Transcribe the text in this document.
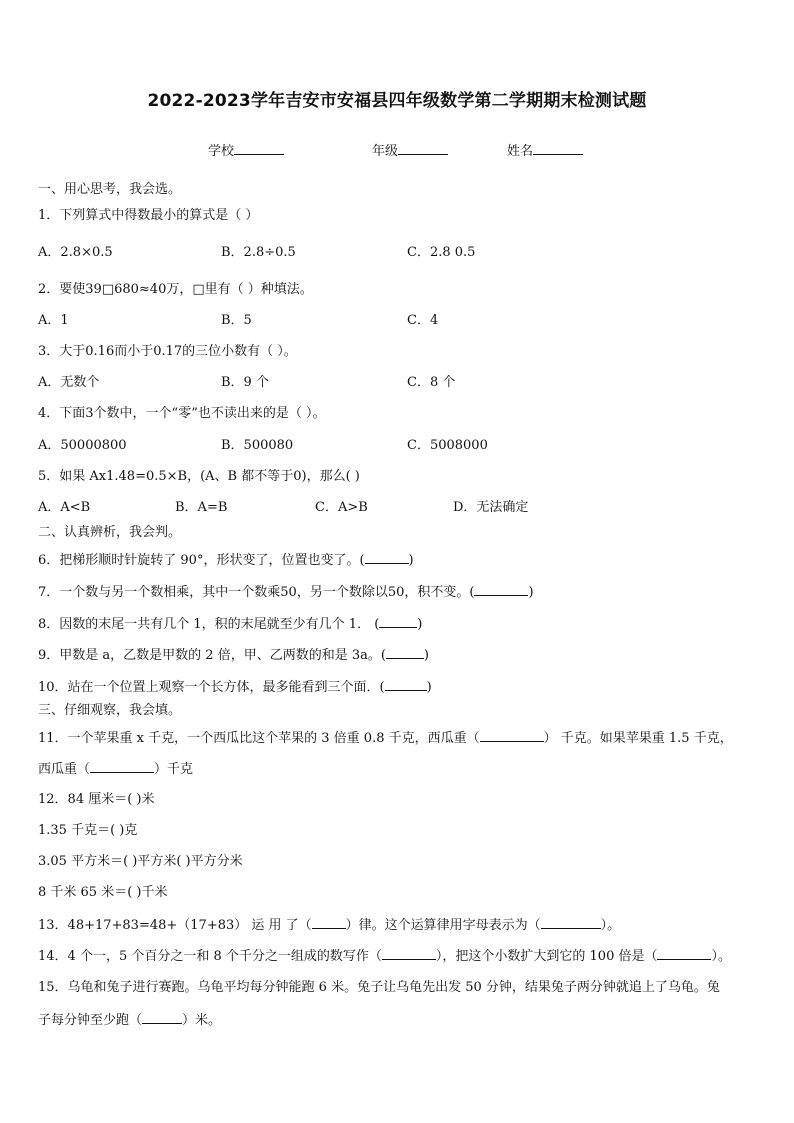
2022-2023学年吉安市安福县四年级数学第二学期期末检测试题
学校	年级	姓名
一、用心思考，我会选。
1．下列算式中得数最小的算式是（ ）
A．2.8×0.5	B．2.8÷0.5	C．2.8 0.5
2．要使39□680≈40万，□里有（ ）种填法。
A．1	B．5	C．4
3．大于0.16而小于0.17的三位小数有（ ）。
A．无数个	B．9 个	C．8 个
4．下面3个数中，一个“零”也不读出来的是（ ）。
A．50000800	B．500080	C．5008000
5．如果 Ax1.48=0.5×B，(A、B 都不等于0)，那么( )
A．A<B	B．A=B	C．A>B	D．无法确定
二、认真辨析，我会判。
6．把梯形顺时针旋转了 90°，形状变了，位置也变了。(	)
7．一个数与另一个数相乘，其中一个数乘50，另一个数除以50，积不变。(	)
8．因数的末尾一共有几个 1，积的末尾就至少有几个 1． (	)
9．甲数是 a，乙数是甲数的 2 倍，甲、乙两数的和是 3a。(	)
10．站在一个位置上观察一个长方体，最多能看到三个面．(	)
三、仔细观察，我会填。
11．一个苹果重 x 千克，一个西瓜比这个苹果的 3 倍重 0.8 千克，西瓜重（	） 千克。如果苹果重 1.5 千克，
西瓜重（	）千克
12．84 厘米＝( )米
1.35 千克＝( )克
3.05 平方米＝( )平方米( )平方分米
8 千米 65 米＝( )千米
13．48+17+83=48+（17+83） 运 用 了（	）律。这个运算律用字母表示为（	）。
14．4 个一，5 个百分之一和 8 个千分之一组成的数写作（	），把这个小数扩大到它的 100 倍是（	）。
15．乌龟和兔子进行赛跑。乌龟平均每分钟能跑 6 米。兔子让乌龟先出发 50 分钟，结果兔子两分钟就追上了乌龟。兔
子每分钟至少跑（	）米。
